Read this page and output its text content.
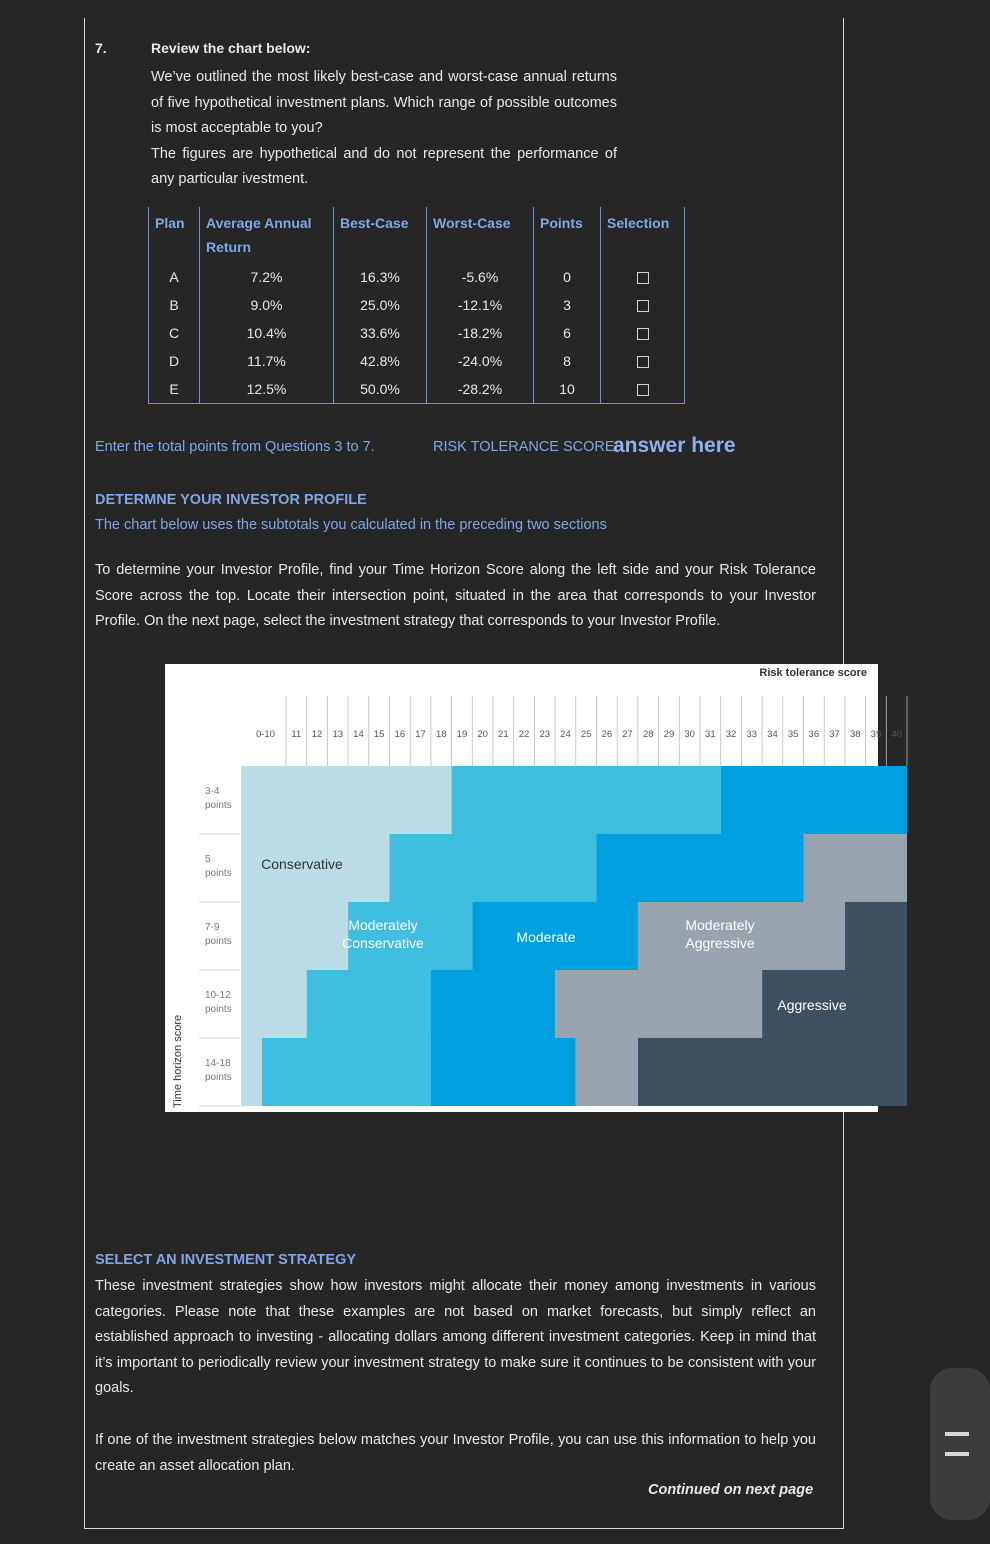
7.	Review the chart below:

We’ve outlined the most likely best-case and worst-case annual returns of five hypothetical investment plans. Which range of possible outcomes is most acceptable to you?

The figures are hypothetical and do not represent the performance of any particular ivestment.

Plan	Average Annual Return	Best-Case	Worst-Case	Points	Selection
A	7.2%	16.3%	-5.6%	0	
B	9.0%	25.0%	-12.1%	3	
C	10.4%	33.6%	-18.2%	6	
D	11.7%	42.8%	-24.0%	8	
E	12.5%	50.0%	-28.2%	10	
Enter the total points from Questions 3 to 7.	RISK TOLERANCE SCORE:
answer here
DETERMNE YOUR INVESTOR PROFILE
The chart below uses the subtotals you calculated in the preceding two sections

To determine your Investor Profile, find your Time Horizon Score along the left side and your Risk Tolerance Score across the top. Locate their intersection point, situated in the area that corresponds to your Investor Profile. On the next page, select the investment strategy that corresponds to your Investor Profile.

Risk tolerance score
0-10 11 12 13 14 15 16 17 18 19 20 21 22 23 24 25 26 27 28 29 30 31 32 33 34 35 36 37 38 39 40
3-4
points
5
points
7-9
points
10-12
points
14-18
points
Time horizon score
Conservative
Moderately
Conservative	Moderate
Moderately
Aggressive
Aggressive
SELECT AN INVESTMENT STRATEGY

These investment strategies show how investors might allocate their money among investments in various categories. Please note that these examples are not based on market forecasts, but simply reflect an established approach to investing - allocating dollars among different investment categories. Keep in mind that it’s important to periodically review your investment strategy to make sure it continues to be consistent with your goals.

If one of the investment strategies below matches your Investor Profile, you can use this information to help you create an asset allocation plan.

Continued on next page
